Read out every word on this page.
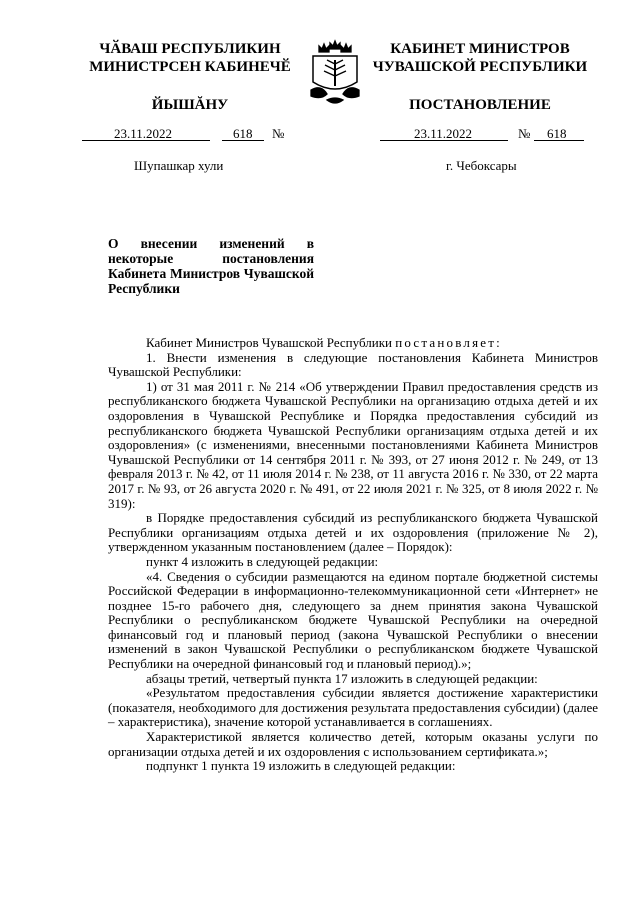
ЧӐВАШ РЕСПУБЛИКИН
МИНИСТРСЕН КАБИНЕЧӖ
ЙЫШĂНУ
КАБИНЕТ МИНИСТРОВ
ЧУВАШСКОЙ РЕСПУБЛИКИ
ПОСТАНОВЛЕНИЕ
23.11.2022	618 №	23.11.2022	№ 618
Шупашкар хули	г. Чебоксары
О внесении изменений в некоторые постановления Кабинета Министров Чувашской Республики

Кабинет Министров Чувашской Республики постановляет:

1. Внести изменения в следующие постановления Кабинета Министров Чувашской Республики:

1) от 31 мая 2011 г. № 214 «Об утверждении Правил предоставления средств из республиканского бюджета Чувашской Республики на организацию отдыха детей и их оздоровления в Чувашской Республике и Порядка предоставления субсидий из республиканского бюджета Чувашской Республики организациям отдыха детей и их оздоровления» (с изменениями, внесенными постановлениями Кабинета Министров Чувашской Республики от 14 сентября 2011 г. № 393, от 27 июня 2012 г. № 249, от 13 февраля 2013 г. № 42, от 11 июля 2014 г. № 238, от 11 августа 2016 г. № 330, от 22 марта 2017 г. № 93, от 26 августа 2020 г. № 491, от 22 июля 2021 г. № 325, от 8 июля 2022 г. № 319):

в Порядке предоставления субсидий из республиканского бюджета Чувашской Республики организациям отдыха детей и их оздоровления (приложение № 2), утвержденном указанным постановлением (далее – Порядок):

пункт 4 изложить в следующей редакции:

«4. Сведения о субсидии размещаются на едином портале бюджетной системы Российской Федерации в информационно-телекоммуникационной сети «Интернет» не позднее 15-го рабочего дня, следующего за днем принятия закона Чувашской Республики о республиканском бюджете Чувашской Республики на очередной финансовый год и плановый период (закона Чувашской Республики о внесении изменений в закон Чувашской Республики о республиканском бюджете Чувашской Республики на очередной финансовый год и плановый период).»;

абзацы третий, четвертый пункта 17 изложить в следующей редакции:

«Результатом предоставления субсидии является достижение характеристики (показателя, необходимого для достижения результата предоставления субсидии) (далее – характеристика), значение которой устанавливается в соглашениях.

Характеристикой является количество детей, которым оказаны услуги по организации отдыха детей и их оздоровления с использованием сертификата.»;

подпункт 1 пункта 19 изложить в следующей редакции:
